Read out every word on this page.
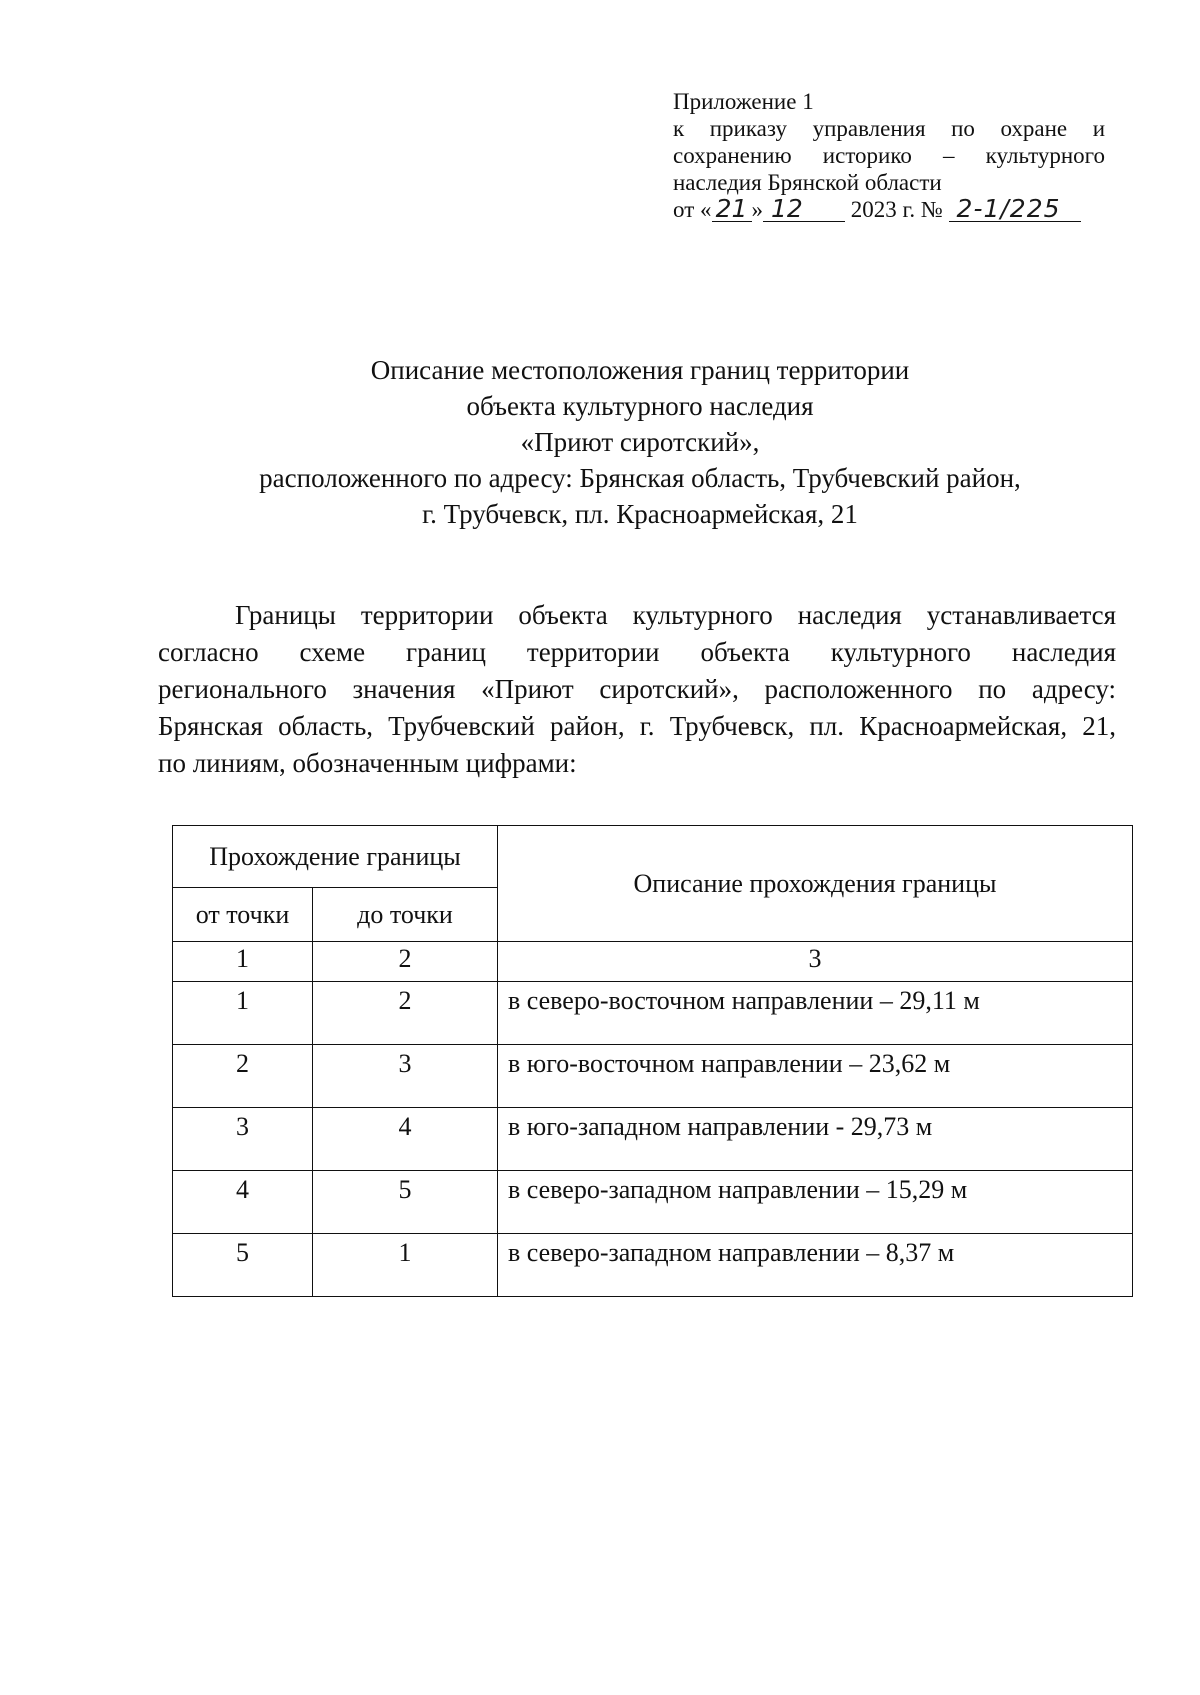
Приложение 1
к приказу управления по охране и
сохранению историко – культурного
наследия Брянской области
от « 21 » 12 2023 г. № 2-1/225
Описание местоположения границ территории
объекта культурного наследия
«Приют сиротский»,
расположенного по адресу: Брянская область, Трубчевский район,
г. Трубчевск, пл. Красноармейская, 21
Границы территории объекта культурного наследия устанавливается
согласно схеме границ территории объекта культурного наследия
регионального значения «Приют сиротский», расположенного по адресу:
Брянская область, Трубчевский район, г. Трубчевск, пл. Красноармейская, 21,
по линиям, обозначенным цифрами:
Прохождение границы		Описание прохождения границы
от точки	до точки	
1	2	3
1	2	в северо-восточном направлении – 29,11 м
2	3	в юго-восточном направлении – 23,62 м
3	4	в юго-западном направлении - 29,73 м
4	5	в северо-западном направлении – 15,29 м
5	1	в северо-западном направлении – 8,37 м
